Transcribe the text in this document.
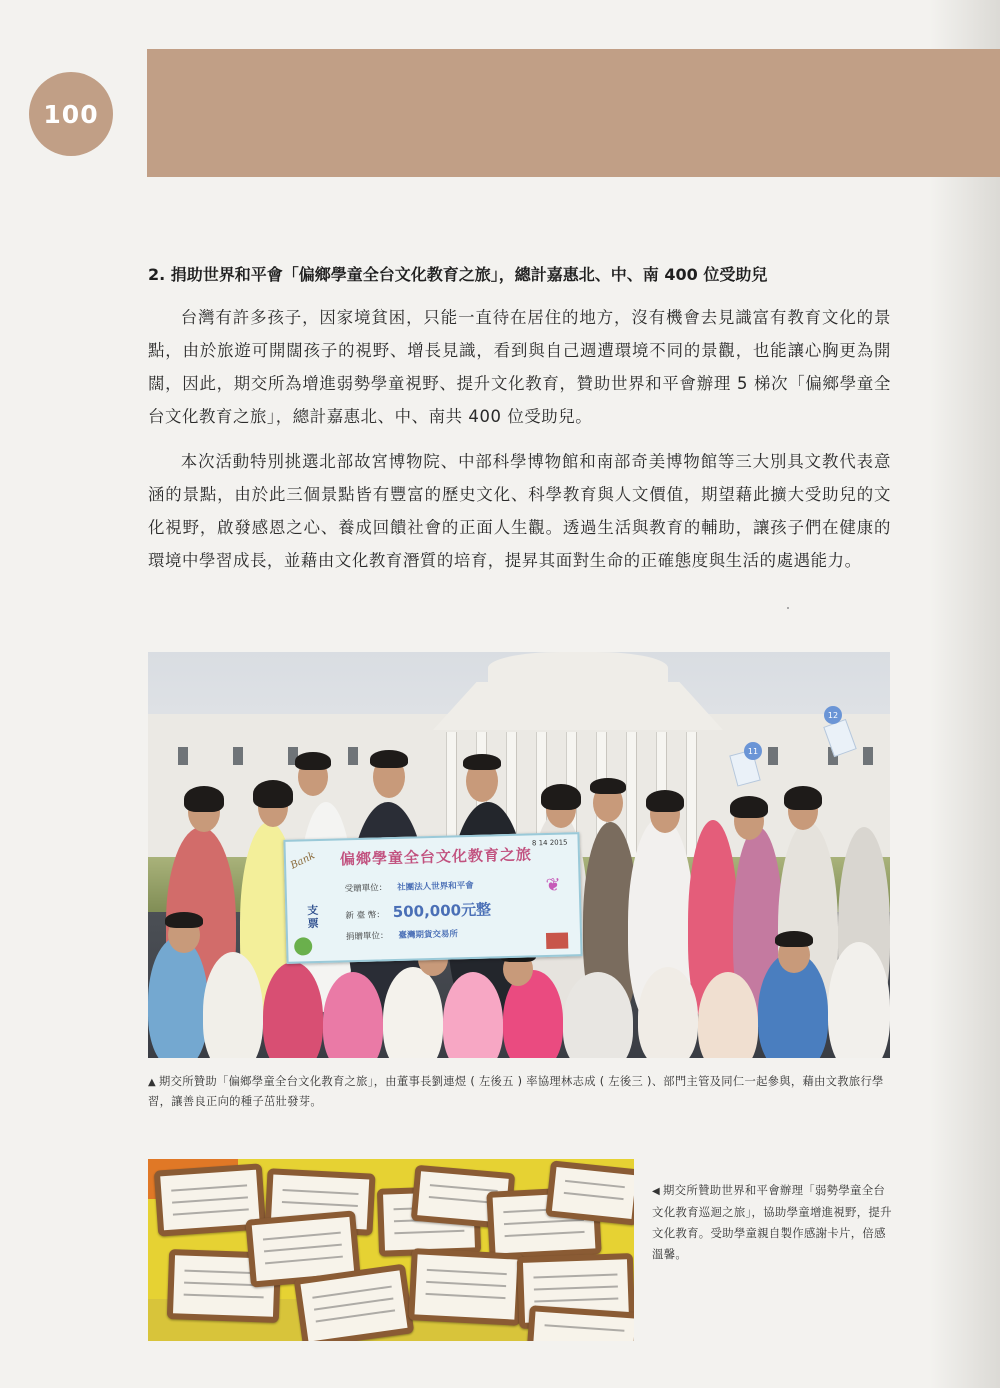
100
2. 捐助世界和平會「偏鄉學童全台文化教育之旅」，總計嘉惠北、中、南 400 位受助兒

台灣有許多孩子，因家境貧困，只能一直待在居住的地方，沒有機會去見識富有教育文化的景點，由於旅遊可開闊孩子的視野、增長見識，看到與自己週遭環境不同的景觀，也能讓心胸更為開闊，因此，期交所為增進弱勢學童視野、提升文化教育，贊助世界和平會辦理 5 梯次「偏鄉學童全台文化教育之旅」，總計嘉惠北、中、南共 400 位受助兒。

本次活動特別挑選北部故宮博物院、中部科學博物館和南部奇美博物館等三大別具文教代表意涵的景點，由於此三個景點皆有豐富的歷史文化、科學教育與人文價值，期望藉此擴大受助兒的文化視野，啟發感恩之心、養成回饋社會的正面人生觀。透過生活與教育的輔助，讓孩子們在健康的環境中學習成長，並藉由文化教育潛質的培育，提昇其面對生命的正確態度與生活的處遇能力。

12
11
Bank
8 14 2015
偏鄉學童全台文化教育之旅
支票
受贈單位： 社團法人世界和平會
新 臺 幣： 500,000元整
捐贈單位： 臺灣期貨交易所
❦

▲ 期交所贊助「偏鄉學童全台文化教育之旅」，由董事長劉連煜 ( 左後五 ) 率協理林志成 ( 左後三 )、部門主管及同仁一起參與，藉由文教旅行學習，讓善良正向的種子茁壯發芽。

◀ 期交所贊助世界和平會辦理「弱勢學童全台文化教育巡迴之旅」，協助學童增進視野，提升文化教育。受助學童親自製作感謝卡片，倍感溫馨。
